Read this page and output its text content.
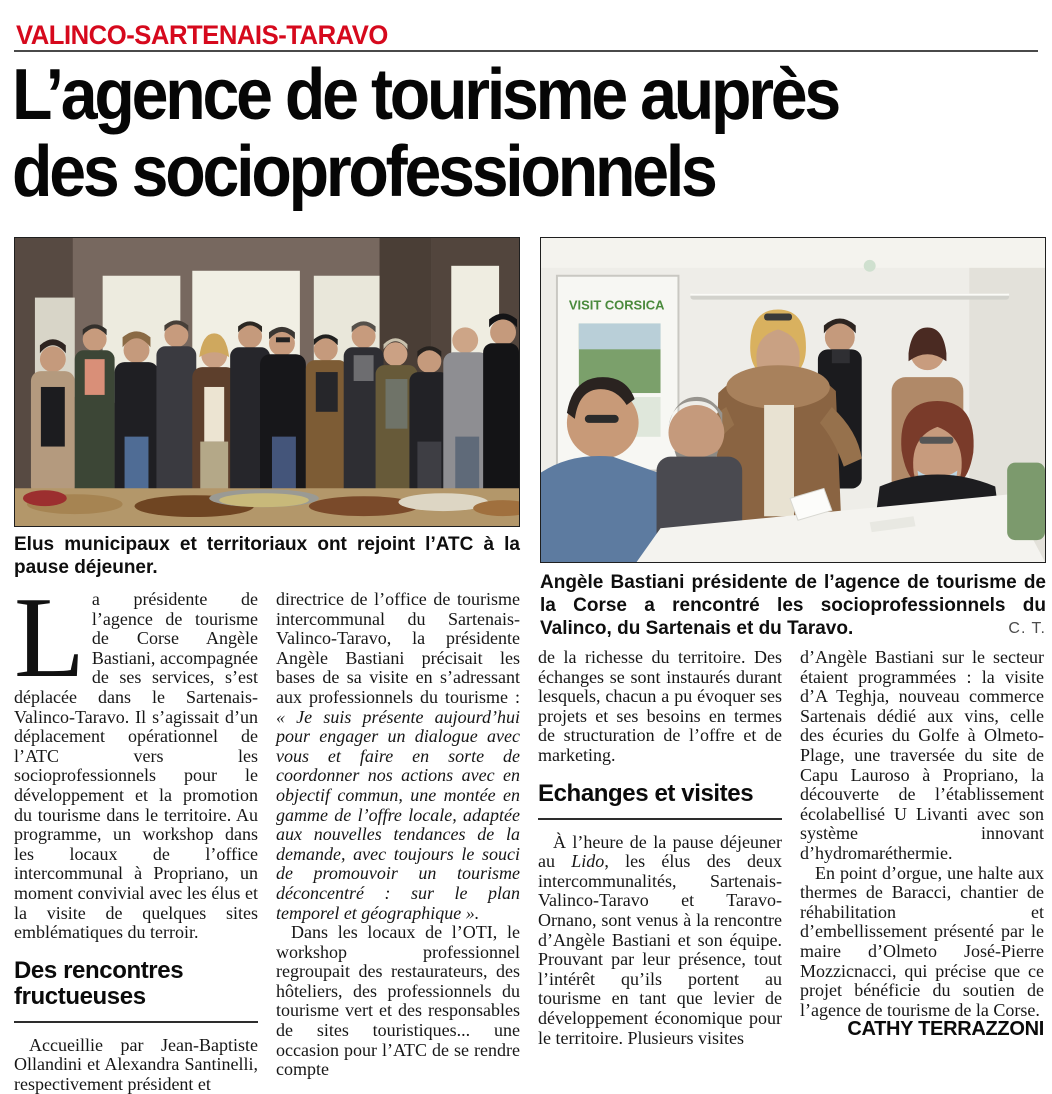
VALINCO-SARTENAIS-TARAVO
L’agence de tourisme auprès
des socioprofessionnels

Elus municipaux et territoriaux ont rejoint l’ATC à la pause déjeuner.

VISIT CORSICA
Angèle Bastiani présidente de l’agence de tourisme de la Corse a rencontré les socioprofessionnels du Valinco, du Sartenais et du Taravo.	C. T.

La présidente de l’agence de tourisme de Corse Angèle Bastiani, accompagnée de ses services, s’est déplacée dans le Sartenais-Valinco-Taravo. Il s’agissait d’un déplacement opérationnel de l’ATC vers les socioprofessionnels pour le développement et la promotion du tourisme dans le territoire. Au programme, un workshop dans les locaux de l’office intercommunal à Propriano, un moment convivial avec les élus et la visite de quelques sites emblématiques du terroir.

Des rencontres fructueuses

Accueillie par Jean-Baptiste Ollandini et Alexandra Santinelli, respectivement président et

directrice de l’office de tourisme intercommunal du Sartenais-Valinco-Taravo, la présidente Angèle Bastiani précisait les bases de sa visite en s’adressant aux professionnels du tourisme : « Je suis présente aujourd’hui pour engager un dialogue avec vous et faire en sorte de coordonner nos actions avec en objectif commun, une montée en gamme de l’offre locale, adaptée aux nouvelles tendances de la demande, avec toujours le souci de promouvoir un tourisme déconcentré : sur le plan temporel et géographique ».

Dans les locaux de l’OTI, le workshop professionnel regroupait des restaurateurs, des hôteliers, des professionnels du tourisme vert et des responsables de sites touristiques... une occasion pour l’ATC de se rendre compte

de la richesse du territoire. Des échanges se sont instaurés durant lesquels, chacun a pu évoquer ses projets et ses besoins en termes de structuration de l’offre et de marketing.

Echanges et visites

À l’heure de la pause déjeuner au Lido, les élus des deux intercommunalités, Sartenais-Valinco-Taravo et Taravo-Ornano, sont venus à la rencontre d’Angèle Bastiani et son équipe. Prouvant par leur présence, tout l’intérêt qu’ils portent au tourisme en tant que levier de développement économique pour le territoire. Plusieurs visites

d’Angèle Bastiani sur le secteur étaient programmées : la visite d’A Teghja, nouveau commerce Sartenais dédié aux vins, celle des écuries du Golfe à Olmeto-Plage, une traversée du site de Capu Lauroso à Propriano, la découverte de l’établissement écolabellisé U Livanti avec son système innovant d’hydromaréthermie.

En point d’orgue, une halte aux thermes de Baracci, chantier de réhabilitation et d’embellissement présenté par le maire d’Olmeto José-Pierre Mozzicnacci, qui précise que ce projet bénéficie du soutien de l’agence de tourisme de la Corse.

CATHY TERRAZZONI
